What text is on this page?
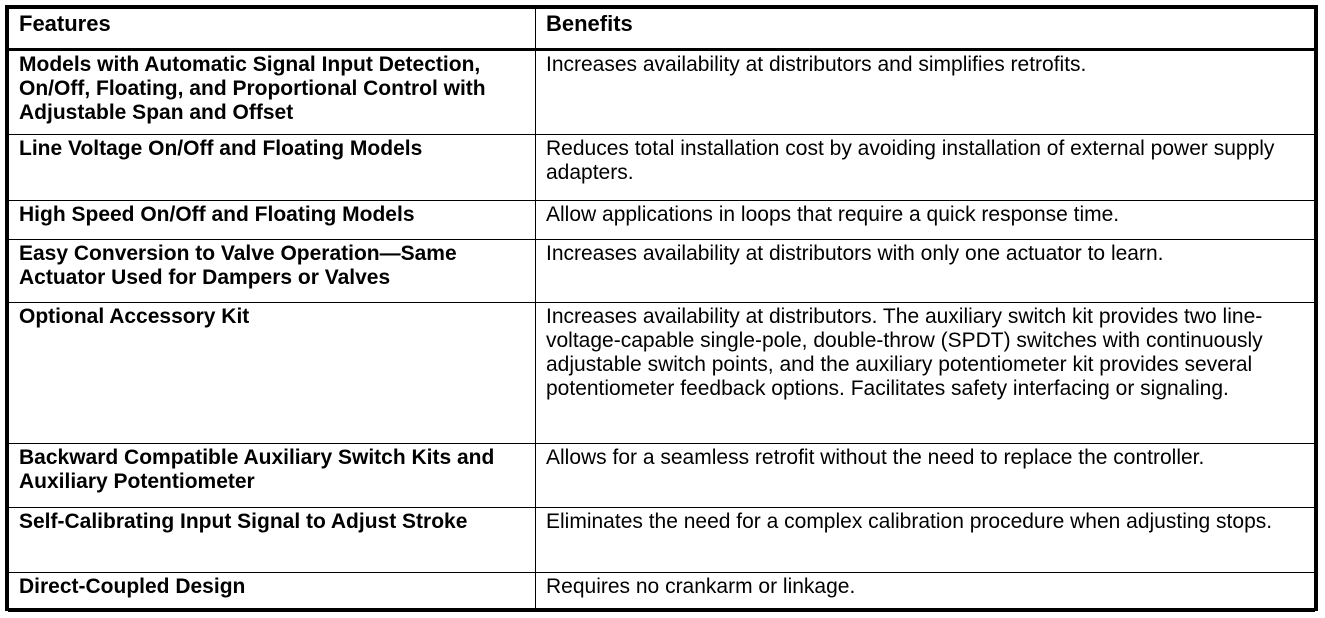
Features	Benefits
Models with Automatic Signal Input Detection, On/Off, Floating, and Proportional Control with Adjustable Span and Offset	Increases availability at distributors and simplifies retrofits.
Line Voltage On/Off and Floating Models	Reduces total installation cost by avoiding installation of external power supply adapters.
High Speed On/Off and Floating Models	Allow applications in loops that require a quick response time.
Easy Conversion to Valve Operation—Same Actuator Used for Dampers or Valves	Increases availability at distributors with only one actuator to learn.
Optional Accessory Kit	Increases availability at distributors. The auxiliary switch kit provides two line-voltage-capable single-pole, double-throw (SPDT) switches with continuously adjustable switch points, and the auxiliary potentiometer kit provides several potentiometer feedback options. Facilitates safety interfacing or signaling.
Backward Compatible Auxiliary Switch Kits and Auxiliary Potentiometer	Allows for a seamless retrofit without the need to replace the controller.
Self-Calibrating Input Signal to Adjust Stroke	Eliminates the need for a complex calibration procedure when adjusting stops.
Direct-Coupled Design	Requires no crankarm or linkage.
